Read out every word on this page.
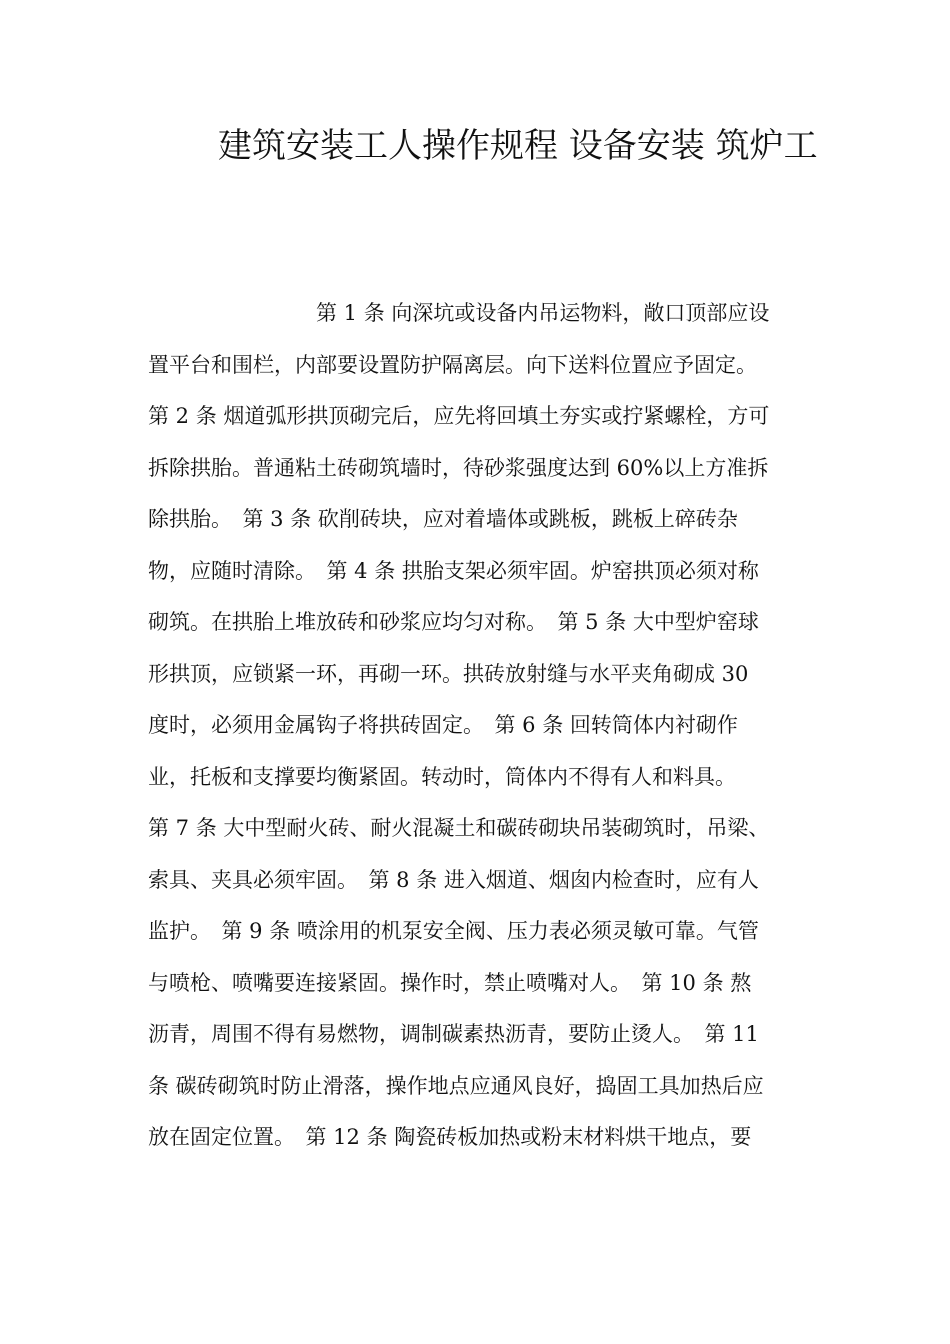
建筑安装工人操作规程 设备安装 筑炉工
第 1 条 向深坑或设备内吊运物料，敞口顶部应设
置平台和围栏，内部要设置防护隔离层。向下送料位置应予固定。
第 2 条 烟道弧形拱顶砌完后，应先将回填土夯实或拧紧螺栓，方可
拆除拱胎。普通粘土砖砌筑墙时，待砂浆强度达到 60%以上方准拆
除拱胎。　第 3 条 砍削砖块，应对着墙体或跳板，跳板上碎砖杂
物，应随时清除。　第 4 条 拱胎支架必须牢固。炉窑拱顶必须对称
砌筑。在拱胎上堆放砖和砂浆应均匀对称。　第 5 条 大中型炉窑球
形拱顶，应锁紧一环，再砌一环。拱砖放射缝与水平夹角砌成 30
度时，必须用金属钩子将拱砖固定。　第 6 条 回转筒体内衬砌作
业，托板和支撑要均衡紧固。转动时，筒体内不得有人和料具。
第 7 条 大中型耐火砖、耐火混凝土和碳砖砌块吊装砌筑时，吊梁、
索具、夹具必须牢固。　第 8 条 进入烟道、烟囱内检查时，应有人
监护。　第 9 条 喷涂用的机泵安全阀、压力表必须灵敏可靠。气管
与喷枪、喷嘴要连接紧固。操作时，禁止喷嘴对人。　第 10 条 熬
沥青，周围不得有易燃物，调制碳素热沥青，要防止烫人。　第 11
条 碳砖砌筑时防止滑落，操作地点应通风良好，捣固工具加热后应
放在固定位置。　第 12 条 陶瓷砖板加热或粉末材料烘干地点，要
